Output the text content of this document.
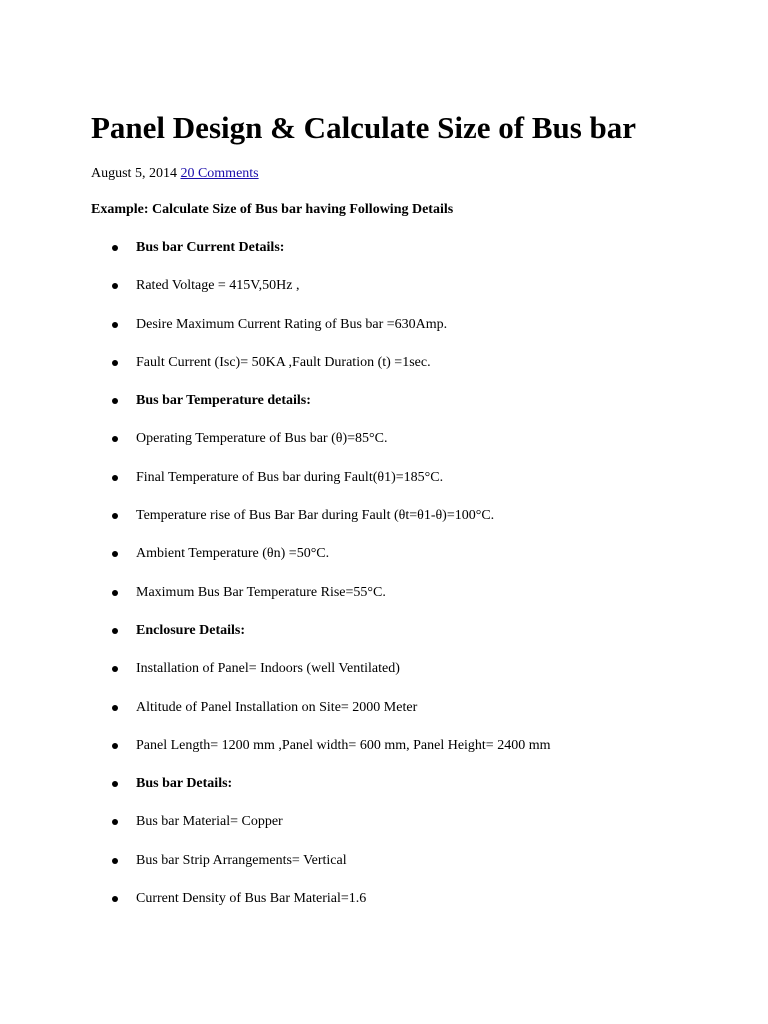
Panel Design & Calculate Size of Bus bar
August 5, 2014 20 Comments

Example: Calculate Size of Bus bar having Following Details

Bus bar Current Details:
Rated Voltage = 415V,50Hz ,
Desire Maximum Current Rating of Bus bar =630Amp.
Fault Current (Isc)= 50KA ,Fault Duration (t) =1sec.
Bus bar Temperature details:
Operating Temperature of Bus bar (θ)=85°C.
Final Temperature of Bus bar during Fault(θ1)=185°C.
Temperature rise of Bus Bar Bar during Fault (θt=θ1-θ)=100°C.
Ambient Temperature (θn) =50°C.
Maximum Bus Bar Temperature Rise=55°C.
Enclosure Details:
Installation of Panel= Indoors (well Ventilated)
Altitude of Panel Installation on Site= 2000 Meter
Panel Length= 1200 mm ,Panel width= 600 mm, Panel Height= 2400 mm
Bus bar Details:
Bus bar Material= Copper
Bus bar Strip Arrangements= Vertical
Current Density of Bus Bar Material=1.6
